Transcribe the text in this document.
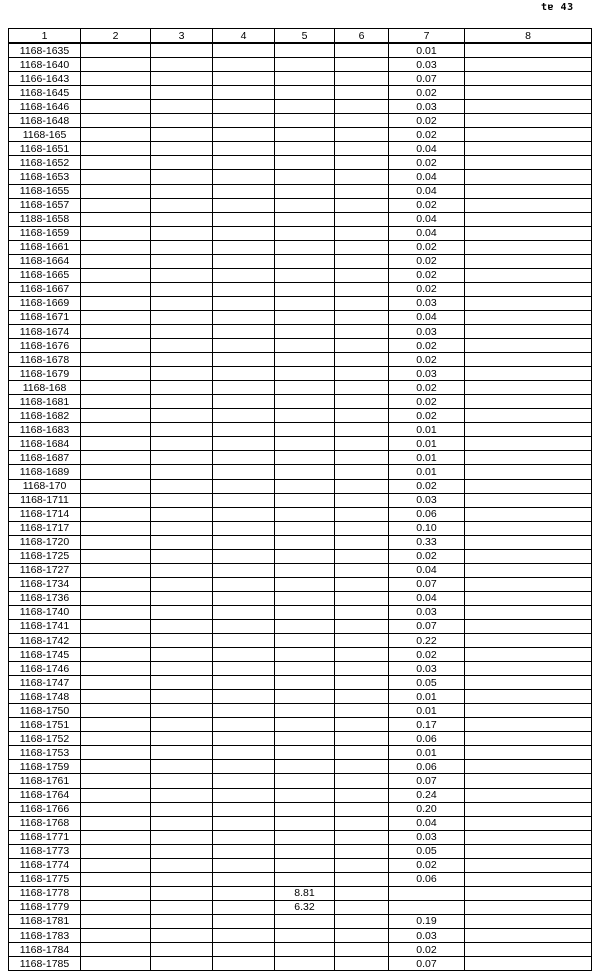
tɐ 43
1	2	3	4	5	6	7	8
1168-1635						0.01	
1168-1640						0.03	
1166-1643						0.07	
1168-1645						0.02	
1168-1646						0.03	
1168-1648						0.02	
1168-165						0.02	
1168-1651						0.04	
1168-1652						0.02	
1168-1653						0.04	
1168-1655						0.04	
1168-1657						0.02	
1188-1658						0.04	
1168-1659						0.04	
1168-1661						0.02	
1168-1664						0.02	
1168-1665						0.02	
1168-1667						0.02	
1168-1669						0.03	
1168-1671						0.04	
1168-1674						0.03	
1168-1676						0.02	
1168-1678						0.02	
1168-1679						0.03	
1168-168						0.02	
1168-1681						0.02	
1168-1682						0.02	
1168-1683						0.01	
1168-1684						0.01	
1168-1687						0.01	
1168-1689						0.01	
1168-170						0.02	
1168-1711						0.03	
1168-1714						0.06	
1168-1717						0.10	
1168-1720						0.33	
1168-1725						0.02	
1168-1727						0.04	
1168-1734						0.07	
1168-1736						0.04	
1168-1740						0.03	
1168-1741						0.07	
1168-1742						0.22	
1168-1745						0.02	
1168-1746						0.03	
1168-1747						0.05	
1168-1748						0.01	
1168-1750						0.01	
1168-1751						0.17	
1168-1752						0.06	
1168-1753						0.01	
1168-1759						0.06	
1168-1761						0.07	
1168-1764						0.24	
1168-1766						0.20	
1168-1768						0.04	
1168-1771						0.03	
1168-1773						0.05	
1168-1774						0.02	
1168-1775						0.06	
1168-1778				8.81			
1168-1779				6.32			
1168-1781						0.19	
1168-1783						0.03	
1168-1784						0.02	
1168-1785						0.07	
